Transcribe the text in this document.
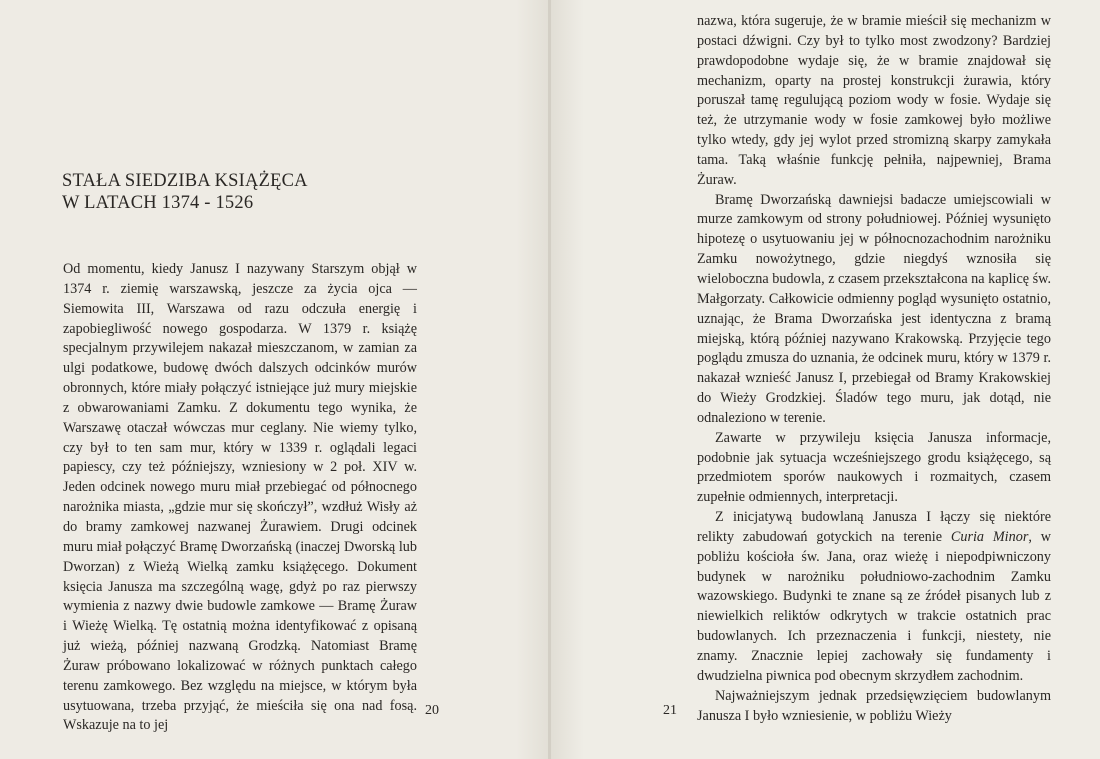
STAŁA SIEDZIBA KSIĄŻĘCA
W LATACH 1374 - 1526

Od momentu, kiedy Janusz I nazywany Starszym objął w 1374 r. ziemię warszawską, jeszcze za życia ojca — Siemowita III, Warszawa od razu odczuła energię i zapobiegliwość nowego gospodarza. W 1379 r. książę specjalnym przywilejem nakazał mieszczanom, w zamian za ulgi podatkowe, budowę dwóch dalszych odcinków murów obronnych, które miały połączyć istniejące już mury miejskie z obwarowaniami Zamku. Z dokumentu tego wynika, że Warszawę otaczał wówczas mur ceglany. Nie wiemy tylko, czy był to ten sam mur, który w 1339 r. oglądali legaci papiescy, czy też późniejszy, wzniesiony w 2 poł. XIV w. Jeden odcinek nowego muru miał przebiegać od północnego narożnika miasta, „gdzie mur się skończył”, wzdłuż Wisły aż do bramy zamkowej nazwanej Żurawiem. Drugi odcinek muru miał połączyć Bramę Dworzańską (inaczej Dworską lub Dworzan) z Wieżą Wielką zamku książęcego. Dokument księcia Janusza ma szczególną wagę, gdyż po raz pierwszy wymienia z nazwy dwie budowle zamkowe — Bramę Żuraw i Wieżę Wielką. Tę ostatnią można identyfikować z opisaną już wieżą, później nazwaną Grodzką. Natomiast Bramę Żuraw próbowano lokalizować w różnych punktach całego terenu zamkowego. Bez względu na miejsce, w którym była usytuowana, trzeba przyjąć, że mieściła się ona nad fosą. Wskazuje na to jej

20	21

nazwa, która sugeruje, że w bramie mieścił się mechanizm w postaci dźwigni. Czy był to tylko most zwodzony? Bardziej prawdopodobne wydaje się, że w bramie znajdował się mechanizm, oparty na prostej konstrukcji żurawia, który poruszał tamę regulującą poziom wody w fosie. Wydaje się też, że utrzymanie wody w fosie zamkowej było możliwe tylko wtedy, gdy jej wylot przed stromizną skarpy zamykała tama. Taką właśnie funkcję pełniła, najpewniej, Brama Żuraw.

Bramę Dworzańską dawniejsi badacze umiejscowiali w murze zamkowym od strony południowej. Później wysunięto hipotezę o usytuowaniu jej w północnozachodnim narożniku Zamku nowożytnego, gdzie niegdyś wznosiła się wieloboczna budowla, z czasem przekształcona na kaplicę św. Małgorzaty. Całkowicie odmienny pogląd wysunięto ostatnio, uznając, że Brama Dworzańska jest identyczna z bramą miejską, którą później nazywano Krakowską. Przyjęcie tego poglądu zmusza do uznania, że odcinek muru, który w 1379 r. nakazał wznieść Janusz I, przebiegał od Bramy Krakowskiej do Wieży Grodzkiej. Śladów tego muru, jak dotąd, nie odnaleziono w terenie.

Zawarte w przywileju księcia Janusza informacje, podobnie jak sytuacja wcześniejszego grodu książęcego, są przedmiotem sporów naukowych i rozmaitych, czasem zupełnie odmiennych, interpretacji.

Z inicjatywą budowlaną Janusza I łączy się niektóre relikty zabudowań gotyckich na terenie Curia Minor, w pobliżu kościoła św. Jana, oraz wieżę i niepodpiwniczony budynek w narożniku południowo-zachodnim Zamku wazowskiego. Budynki te znane są ze źródeł pisanych lub z niewielkich reliktów odkrytych w trakcie ostatnich prac budowlanych. Ich przeznaczenia i funkcji, niestety, nie znamy. Znacznie lepiej zachowały się fundamenty i dwudzielna piwnica pod obecnym skrzydłem zachodnim.

Najważniejszym jednak przedsięwzięciem budowlanym Janusza I było wzniesienie, w pobliżu Wieży
